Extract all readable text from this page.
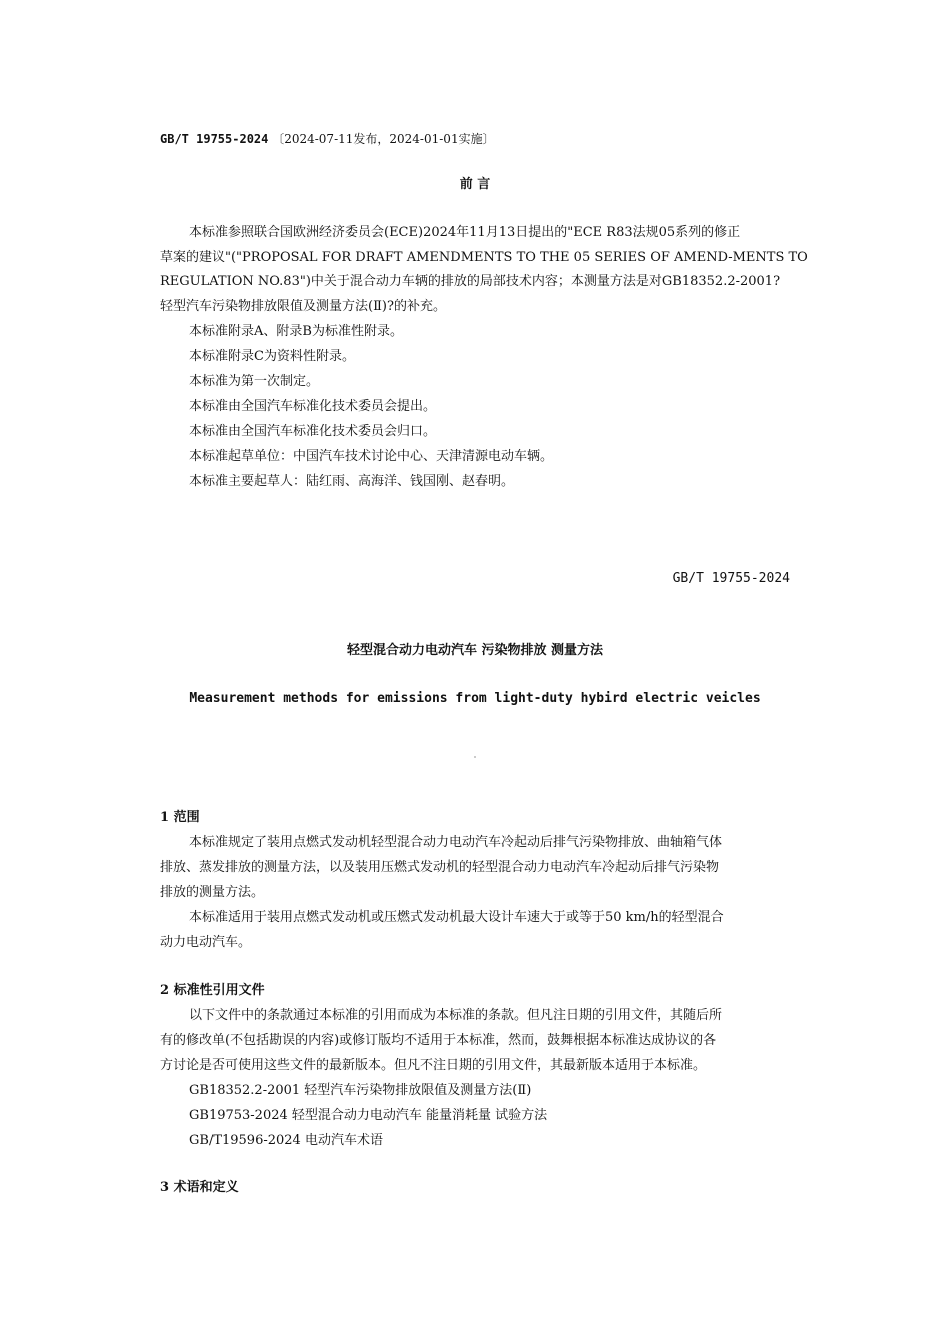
GB/T 19755-2024 〔2024-07-11发布，2024-01-01实施〕
前 言
本标准参照联合国欧洲经济委员会(ECE)2024年11月13日提出的"ECE R83法规05系列的修正
草案的建议"("PROPOSAL FOR DRAFT AMENDMENTS TO THE 05 SERIES OF AMEND-MENTS TO
REGULATION NO.83")中关于混合动力车辆的排放的局部技术内容；本测量方法是对GB18352.2-2001?
轻型汽车污染物排放限值及测量方法(Ⅱ)?的补充。
本标准附录A、附录B为标准性附录。
本标准附录C为资料性附录。
本标准为第一次制定。
本标准由全国汽车标准化技术委员会提出。
本标准由全国汽车标准化技术委员会归口。
本标准起草单位：中国汽车技术讨论中心、天津清源电动车辆。
本标准主要起草人：陆红雨、高海洋、钱国刚、赵春明。
GB/T 19755-2024
轻型混合动力电动汽车 污染物排放 测量方法
Measurement methods for emissions from light-duty hybird electric veicles
1 范围
本标准规定了装用点燃式发动机轻型混合动力电动汽车冷起动后排气污染物排放、曲轴箱气体
排放、蒸发排放的测量方法，以及装用压燃式发动机的轻型混合动力电动汽车冷起动后排气污染物
排放的测量方法。
本标准适用于装用点燃式发动机或压燃式发动机最大设计车速大于或等于50 km/h的轻型混合
动力电动汽车。
2 标准性引用文件
以下文件中的条款通过本标准的引用而成为本标准的条款。但凡注日期的引用文件，其随后所
有的修改单(不包括勘误的内容)或修订版均不适用于本标准，然而，鼓舞根据本标准达成协议的各
方讨论是否可使用这些文件的最新版本。但凡不注日期的引用文件，其最新版本适用于本标准。
GB18352.2-2001 轻型汽车污染物排放限值及测量方法(Ⅱ)
GB19753-2024 轻型混合动力电动汽车 能量消耗量 试验方法
GB/T19596-2024 电动汽车术语
3 术语和定义
